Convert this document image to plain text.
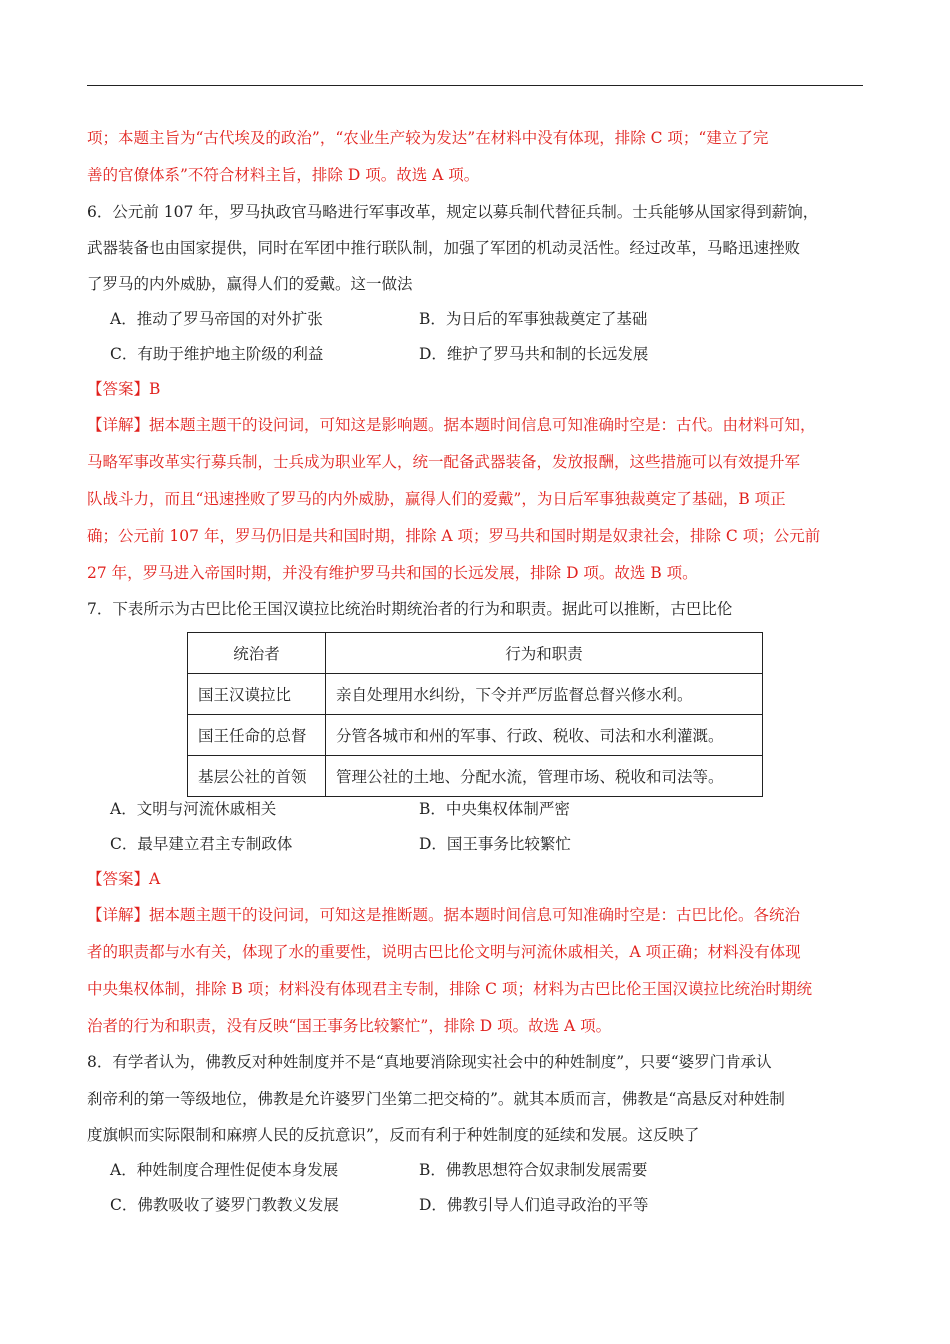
项；本题主旨为“古代埃及的政治”，“农业生产较为发达”在材料中没有体现，排除 C 项；“建立了完
善的官僚体系”不符合材料主旨，排除 D 项。故选 A 项。
6．公元前 107 年，罗马执政官马略进行军事改革，规定以募兵制代替征兵制。士兵能够从国家得到薪饷，
武器装备也由国家提供，同时在军团中推行联队制，加强了军团的机动灵活性。经过改革，马略迅速挫败
了罗马的内外威胁，赢得人们的爱戴。这一做法
A．推动了罗马帝国的对外扩张	B．为日后的军事独裁奠定了基础
C．有助于维护地主阶级的利益	D．维护了罗马共和制的长远发展
【答案】B
【详解】据本题主题干的设问词，可知这是影响题。据本题时间信息可知准确时空是：古代。由材料可知，
马略军事改革实行募兵制，士兵成为职业军人，统一配备武器装备，发放报酬，这些措施可以有效提升军
队战斗力，而且“迅速挫败了罗马的内外威胁，赢得人们的爱戴”，为日后军事独裁奠定了基础，B 项正
确；公元前 107 年，罗马仍旧是共和国时期，排除 A 项；罗马共和国时期是奴隶社会，排除 C 项；公元前
27 年，罗马进入帝国时期，并没有维护罗马共和国的长远发展，排除 D 项。故选 B 项。
7．下表所示为古巴比伦王国汉谟拉比统治时期统治者的行为和职责。据此可以推断，古巴比伦
统治者	行为和职责
国王汉谟拉比	亲自处理用水纠纷，下令并严厉监督总督兴修水利。
国王任命的总督	分管各城市和州的军事、行政、税收、司法和水利灌溉。
基层公社的首领	管理公社的土地、分配水流，管理市场、税收和司法等。
A．文明与河流休戚相关	B．中央集权体制严密
C．最早建立君主专制政体	D．国王事务比较繁忙
【答案】A
【详解】据本题主题干的设问词，可知这是推断题。据本题时间信息可知准确时空是：古巴比伦。各统治
者的职责都与水有关，体现了水的重要性，说明古巴比伦文明与河流休戚相关，A 项正确；材料没有体现
中央集权体制，排除 B 项；材料没有体现君主专制，排除 C 项；材料为古巴比伦王国汉谟拉比统治时期统
治者的行为和职责，没有反映“国王事务比较繁忙”，排除 D 项。故选 A 项。
8．有学者认为，佛教反对种姓制度并不是“真地要消除现实社会中的种姓制度”，只要“婆罗门肯承认
刹帝利的第一等级地位，佛教是允许婆罗门坐第二把交椅的”。就其本质而言，佛教是“高悬反对种姓制
度旗帜而实际限制和麻痹人民的反抗意识”，反而有利于种姓制度的延续和发展。这反映了
A．种姓制度合理性促使本身发展	B．佛教思想符合奴隶制发展需要
C．佛教吸收了婆罗门教教义发展	D．佛教引导人们追寻政治的平等
